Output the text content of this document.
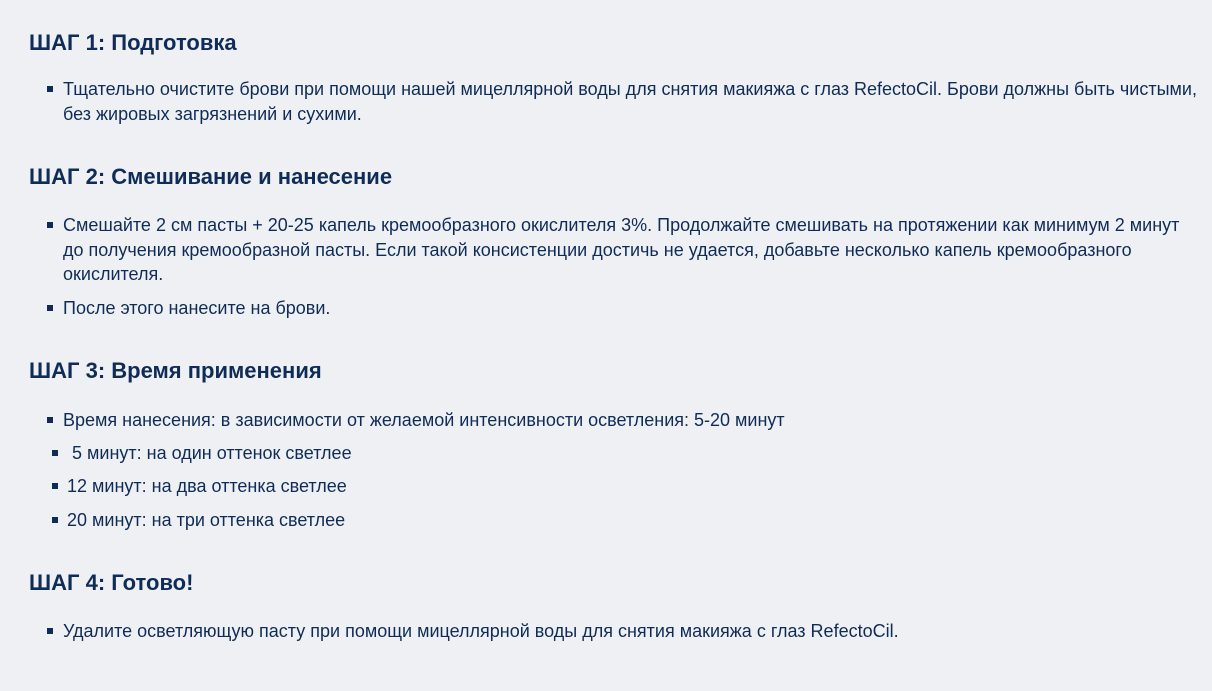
ШАГ 1: Подготовка
Тщательно очистите брови при помощи нашей мицеллярной воды для снятия макияжа с глаз RefectoCil. Брови должны быть чистыми, без жировых загрязнений и сухими.
ШАГ 2: Смешивание и нанесение
Смешайте 2 см пасты + 20-25 капель кремообразного окислителя 3%. Продолжайте смешивать на протяжении как минимум 2 минут до получения кремообразной пасты. Если такой консистенции достичь не удается, добавьте несколько капель кремообразного окислителя.
После этого нанесите на брови.
ШАГ 3: Время применения
Время нанесения: в зависимости от желаемой интенсивности осветления: 5-20 минут
5 минут: на один оттенок светлее
12 минут: на два оттенка светлее
20 минут: на три оттенка светлее
ШАГ 4: Готово!
Удалите осветляющую пасту при помощи мицеллярной воды для снятия макияжа с глаз RefectoCil.
